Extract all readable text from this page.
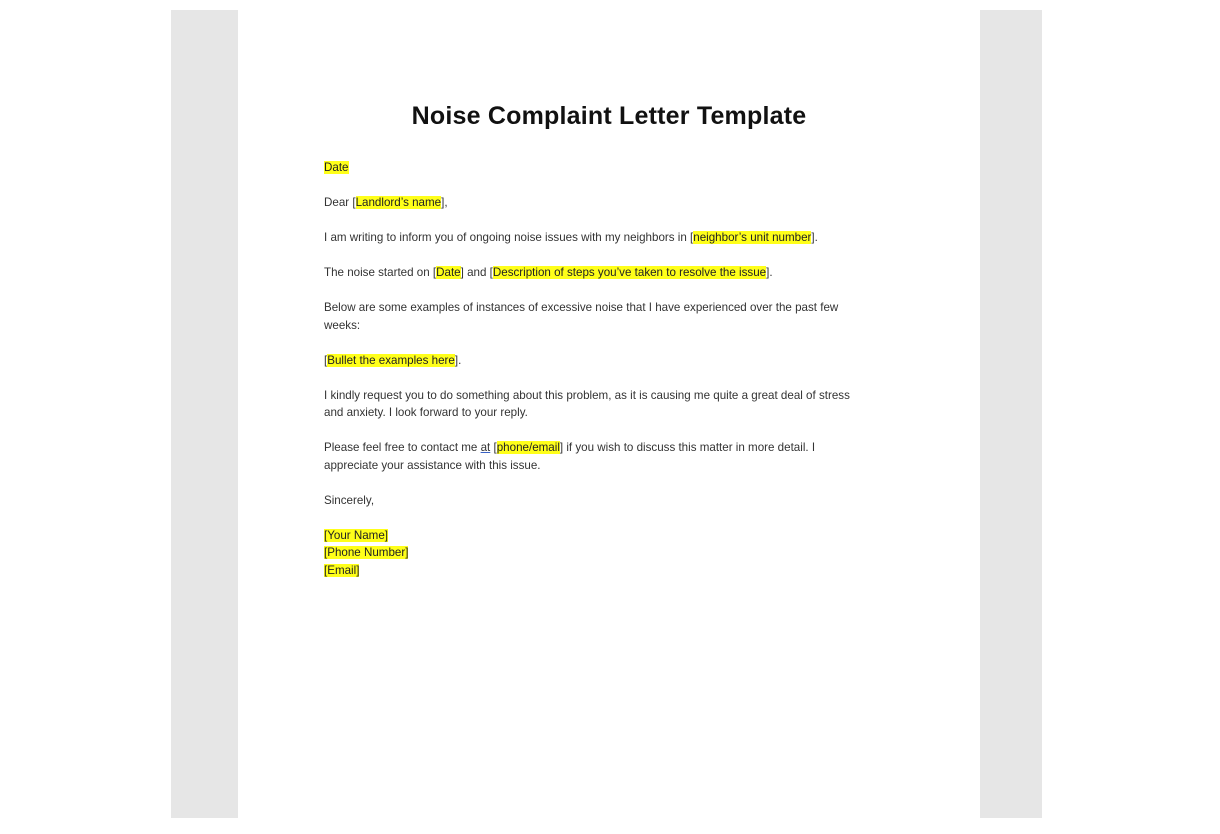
Noise Complaint Letter Template
Date
Dear [Landlord’s name],
I am writing to inform you of ongoing noise issues with my neighbors in [neighbor’s unit number].
The noise started on [Date] and [Description of steps you’ve taken to resolve the issue].
Below are some examples of instances of excessive noise that I have experienced over the past few
weeks:
[Bullet the examples here].
I kindly request you to do something about this problem, as it is causing me quite a great deal of stress
and anxiety. I look forward to your reply.
Please feel free to contact me at [phone/email] if you wish to discuss this matter in more detail. I
appreciate your assistance with this issue.
Sincerely,
[Your Name]
[Phone Number]
[Email]
